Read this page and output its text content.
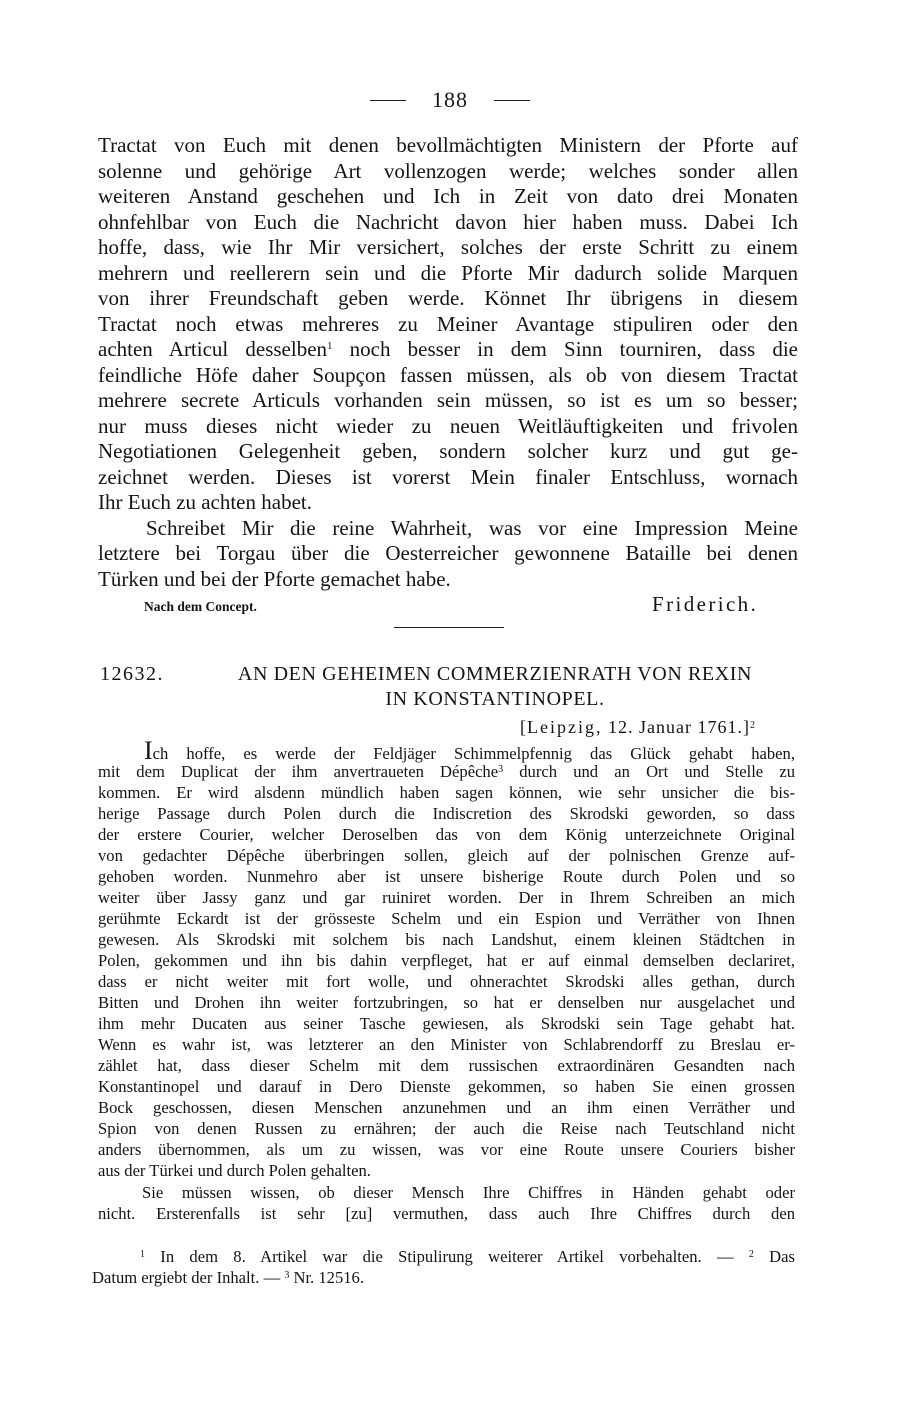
188
Tractat von Euch mit denen bevollmächtigten Ministern der Pforte auf
solenne und gehörige Art vollenzogen werde; welches sonder allen
weiteren Anstand geschehen und Ich in Zeit von dato drei Monaten
ohnfehlbar von Euch die Nachricht davon hier haben muss. Dabei Ich
hoffe, dass, wie Ihr Mir versichert, solches der erste Schritt zu einem
mehrern und reellerern sein und die Pforte Mir dadurch solide Marquen
von ihrer Freundschaft geben werde. Könnet Ihr übrigens in diesem
Tractat noch etwas mehreres zu Meiner Avantage stipuliren oder den
achten Articul desselben$^1$ noch besser in dem Sinn tourniren, dass die
feindliche Höfe daher Soupçon fassen müssen, als ob von diesem Tractat
mehrere secrete Articuls vorhanden sein müssen, so ist es um so besser;
nur muss dieses nicht wieder zu neuen Weitläuftigkeiten und frivolen
Negotiationen Gelegenheit geben, sondern solcher kurz und gut ge-
zeichnet werden. Dieses ist vorerst Mein finaler Entschluss, wornach
Ihr Euch zu achten habet.
Schreibet Mir die reine Wahrheit, was vor eine Impression Meine
letztere bei Torgau über die Oesterreicher gewonnene Bataille bei denen
Türken und bei der Pforte gemachet habe.
Nach dem Concept.	Friderich.
12632.	AN DEN GEHEIMEN COMMERZIENRATH VON REXIN
IN KONSTANTINOPEL.
[Leipzig, 12. Januar 1761.]$^2$
Ich hoffe, es werde der Feldjäger Schimmelpfennig das Glück gehabt haben,
mit dem Duplicat der ihm anvertraueten Dépêche$^3$ durch und an Ort und Stelle zu
kommen. Er wird alsdenn mündlich haben sagen können, wie sehr unsicher die bis-
herige Passage durch Polen durch die Indiscretion des Skrodski geworden, so dass
der erstere Courier, welcher Deroselben das von dem König unterzeichnete Original
von gedachter Dépêche überbringen sollen, gleich auf der polnischen Grenze auf-
gehoben worden. Nunmehro aber ist unsere bisherige Route durch Polen und so
weiter über Jassy ganz und gar ruiniret worden. Der in Ihrem Schreiben an mich
gerühmte Eckardt ist der grösseste Schelm und ein Espion und Verräther von Ihnen
gewesen. Als Skrodski mit solchem bis nach Landshut, einem kleinen Städtchen in
Polen, gekommen und ihn bis dahin verpfleget, hat er auf einmal demselben declariret,
dass er nicht weiter mit fort wolle, und ohnerachtet Skrodski alles gethan, durch
Bitten und Drohen ihn weiter fortzubringen, so hat er denselben nur ausgelachet und
ihm mehr Ducaten aus seiner Tasche gewiesen, als Skrodski sein Tage gehabt hat.
Wenn es wahr ist, was letzterer an den Minister von Schlabrendorff zu Breslau er-
zählet hat, dass dieser Schelm mit dem russischen extraordinären Gesandten nach
Konstantinopel und darauf in Dero Dienste gekommen, so haben Sie einen grossen
Bock geschossen, diesen Menschen anzunehmen und an ihm einen Verräther und
Spion von denen Russen zu ernähren; der auch die Reise nach Teutschland nicht
anders übernommen, als um zu wissen, was vor eine Route unsere Couriers bisher
aus der Türkei und durch Polen gehalten.
Sie müssen wissen, ob dieser Mensch Ihre Chiffres in Händen gehabt oder
nicht. Ersterenfalls ist sehr [zu] vermuthen, dass auch Ihre Chiffres durch den
$^1$ In dem 8. Artikel war die Stipulirung weiterer Artikel vorbehalten. — $^2$ Das
Datum ergiebt der Inhalt. — $^3$ Nr. 12516.
